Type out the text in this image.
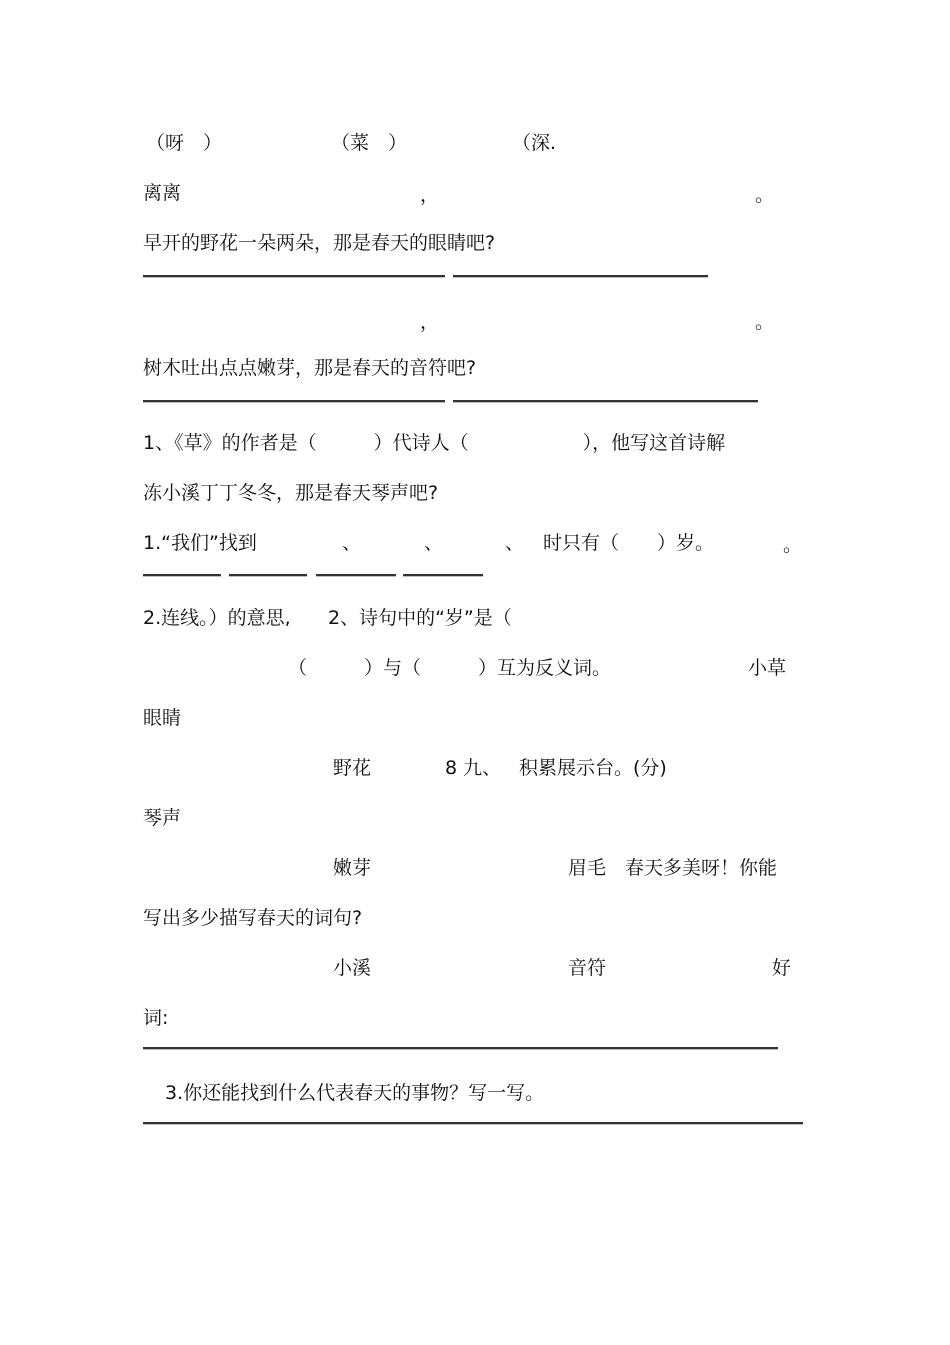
（呀　）	（菜　）	（深.
离离	，	。
早开的野花一朵两朵，那是春天的眼睛吧?
，	。
树木吐出点点嫩芽，那是春天的音符吧?
1、《草》的作者是（　　　）代诗人（　　　　　　），他写这首诗解
冻小溪丁丁冬冬，那是春天琴声吧?
1.“我们”找到	、	、	、 时只有（　　）岁。	。
2.连线。）的意思, 2、诗句中的“岁”是（
（　　　）与（　　　）互为反义词。	小草
眼睛
野花	8 九、 积累展示台。(分)
琴声
嫩芽	眉毛 春天多美呀！你能
写出多少描写春天的词句?
小溪	音符	好
词:
3.你还能找到什么代表春天的事物？写一写。
